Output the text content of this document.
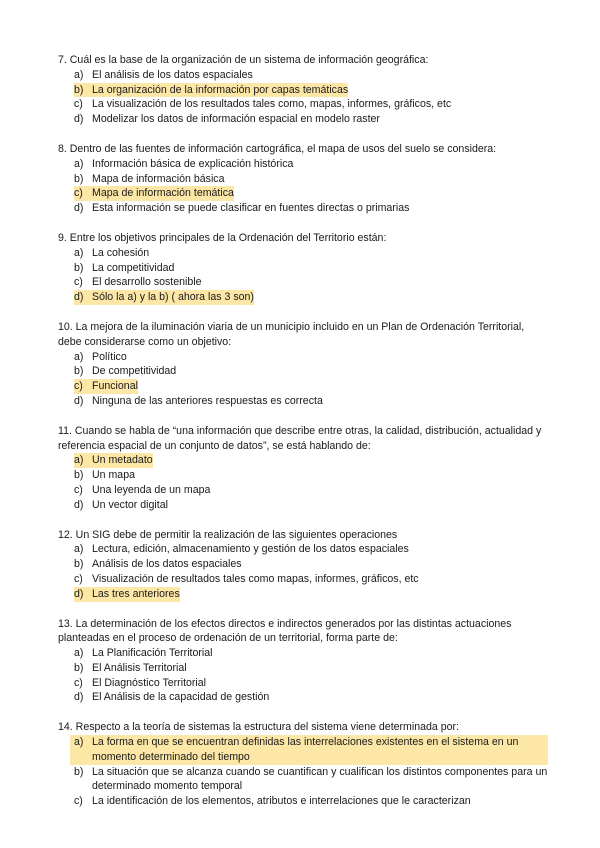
7. Cuál es la base de la organización de un sistema de información geográfica:

a) El análisis de los datos espaciales
b) La organización de la información por capas temáticas
c) La visualización de los resultados tales como, mapas, informes, gráficos, etc
d) Modelizar los datos de información espacial en modelo raster

8. Dentro de las fuentes de información cartográfica, el mapa de usos del suelo se considera:

a) Información básica de explicación histórica
b) Mapa de información básica
c) Mapa de información temática
d) Esta información se puede clasificar en fuentes directas o primarias

9. Entre los objetivos principales de la Ordenación del Territorio están:

a) La cohesión
b) La competitividad
c) El desarrollo sostenible
d) Sólo la a) y la b) ( ahora las 3 son)

10. La mejora de la iluminación viaria de un municipio incluido en un Plan de Ordenación Territorial, debe considerarse como un objetivo:

a) Político
b) De competitividad
c) Funcional
d) Ninguna de las anteriores respuestas es correcta

11. Cuando se habla de “una información que describe entre otras, la calidad, distribución, actualidad y referencia espacial de un conjunto de datos”, se está hablando de:

a) Un metadato
b) Un mapa
c) Una leyenda de un mapa
d) Un vector digital

12. Un SIG debe de permitir la realización de las siguientes operaciones

a) Lectura, edición, almacenamiento y gestión de los datos espaciales
b) Análisis de los datos espaciales
c) Visualización de resultados tales como mapas, informes, gráficos, etc
d) Las tres anteriores

13. La determinación de los efectos directos e indirectos generados por las distintas actuaciones planteadas en el proceso de ordenación de un territorial, forma parte de:

a) La Planificación Territorial
b) El Análisis Territorial
c) El Diagnóstico Territorial
d) El Análisis de la capacidad de gestión

14. Respecto a la teoría de sistemas la estructura del sistema viene determinada por:

a) La forma en que se encuentran definidas las interrelaciones existentes en el sistema en un momento determinado del tiempo
b) La situación que se alcanza cuando se cuantifican y cualifican los distintos componentes para un determinado momento temporal
c) La identificación de los elementos, atributos e interrelaciones que le caracterizan
